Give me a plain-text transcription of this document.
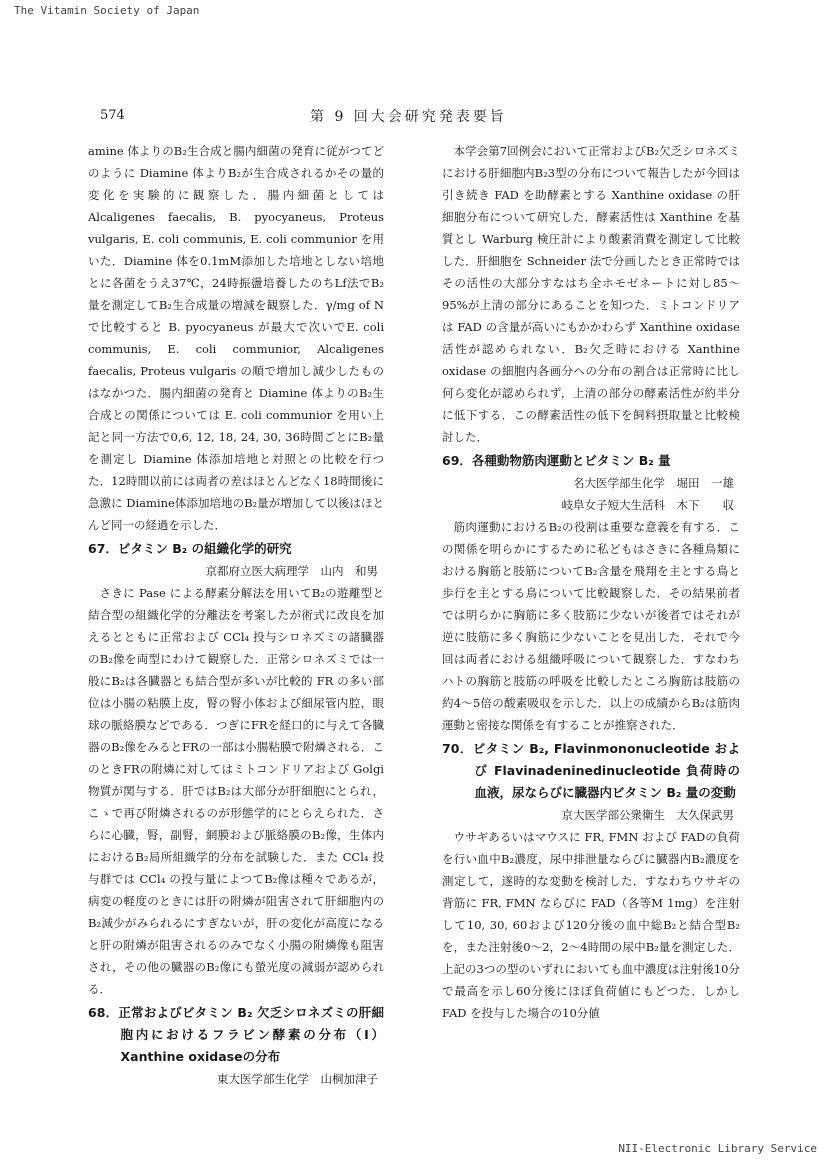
The Vitamin Society of Japan
574	第 9 回大会研究発表要旨

amine 体よりのB₂生合成と腸内細菌の発育に従がつてどのように Diamine 体よりB₂が生合成されるかその量的変化を実験的に観察した．腸内細菌としては Alcaligenes faecalis, B. pyocyaneus, Proteus vulgaris, E. coli communis, E. coli communior を用いた．Diamine 体を0.1mM添加した培地としない培地とに各菌をうえ37℃，24時振盪培養したのちLf法でB₂量を測定してB₂生合成量の増減を観察した．γ/mg of N で比較すると B. pyocyaneus が最大で次いでE. coli communis, E. coli communior, Alcaligenes faecalis, Proteus vulgaris の順で増加し減少したものはなかつた．腸内細菌の発育と Diamine 体よりのB₂生合成との関係については E. coli communior を用い上記と同一方法で0,6, 12, 18, 24, 30, 36時間ごとにB₂量を測定し Diamine 体添加培地と対照との比較を行つた．12時間以前には両者の差はほとんどなく18時間後に急激に Diamine体添加培地のB₂量が増加して以後はほとんど同一の経過を示した．

67．ビタミン B₂ の組織化学的研究
京都府立医大病理学　山内　和男

さきに Pase による酵素分解法を用いてB₂の遊離型と結合型の組織化学的分離法を考案したが術式に改良を加えるとともに正常および CCl₄ 投与シロネズミの諸臓器のB₂像を両型にわけて観察した．正常シロネズミでは一般にB₂は各臓器とも結合型が多いが比較的 FR の多い部位は小腸の粘膜上皮，腎の腎小体および細尿管内腔，眼球の脈絡膜などである．つぎにFRを経口的に与えて各臓器のB₂像をみるとFRの一部は小腸粘膜で附燐される．このときFRの附燐に対してはミトコンドリアおよび Golgi 物質が関与する．肝ではB₂は大部分が肝細胞にとられ，こゝで再び附燐されるのが形態学的にとらえられた．さらに心臓，腎，副腎，網膜および脈絡膜のB₂像，生体内におけるB₂局所組織学的分布を試験した．また CCl₄ 投与群では CCl₄ の投与量によつてB₂像は種々であるが，病変の軽度のときには肝の附燐が阻害されて肝細胞内のB₂減少がみられるにすぎないが，肝の変化が高度になると肝の附燐が阻害されるのみでなく小腸の附燐像も阻害され，その他の臓器のB₂像にも螢光度の減弱が認められる．

68．正常およびビタミン B₂ 欠乏シロネズミの肝細胞内におけるフラビン酵素の分布（Ⅰ）Xanthine oxidaseの分布
東大医学部生化学　山桐加津子

本学会第7回例会において正常およびB₂欠乏シロネズミにおける肝細胞内B₂3型の分布について報告したが今回は引き続き FAD を助酵素とする Xanthine oxidase の肝細胞分布について研究した．酵素活性は Xanthine を基質とし Warburg 検圧計により酸素消費を測定して比較した．肝細胞を Schneider 法で分画したとき正常時ではその活性の大部分すなはち全ホモゼネートに対し85～95%が上清の部分にあることを知つた．ミトコンドリアは FAD の含量が高いにもかかわらず Xanthine oxidase 活性が認められない．B₂欠乏時における Xanthine oxidase の細胞内各画分への分布の割合は正常時に比し何ら変化が認められず，上清の部分の酵素活性が約半分に低下する．この酵素活性の低下を飼料摂取量と比較検討した．

69．各種動物筋肉運動とビタミン B₂ 量
名大医学部生化学　堀田　一雄
岐阜女子短大生活科　木下　　収

筋肉運動におけるB₂の役割は重要な意義を有する．この関係を明らかにするために私どもはさきに各種鳥類における胸筋と肢筋についてB₂含量を飛翔を主とする鳥と歩行を主とする鳥について比較観察した．その結果前者では明らかに胸筋に多く肢筋に少ないが後者ではそれが逆に肢筋に多く胸筋に少ないことを見出した．それで今回は両者における組織呼吸について観察した．すなわちハトの胸筋と肢筋の呼吸を比較したところ胸筋は肢筋の約4～5倍の酸素吸収を示した．以上の成績からB₂は筋肉運動と密接な関係を有することが推察された．

70．ビタミン B₂, Flavinmononucleotide および Flavinadeninedinucleotide 負荷時の血液，尿ならびに臓器内ビタミン B₂ 量の変動
京大医学部公衆衛生　大久保武男

ウサギあるいはマウスに FR, FMN および FADの負荷を行い血中B₂濃度，尿中排泄量ならびに臓器内B₂濃度を測定して，遂時的な変動を検討した．すなわちウサギの背筋に FR, FMN ならびに FAD（各等M 1mg）を注射して10, 30, 60および120分後の血中総B₂と結合型B₂を，また注射後0～2，2～4時間の尿中B₂量を測定した．上記の3つの型のいずれにおいても血中濃度は注射後10分で最高を示し60分後にほぼ負荷値にもどつた．しかし FAD を投与した場合の10分値

NII-Electronic Library Service
